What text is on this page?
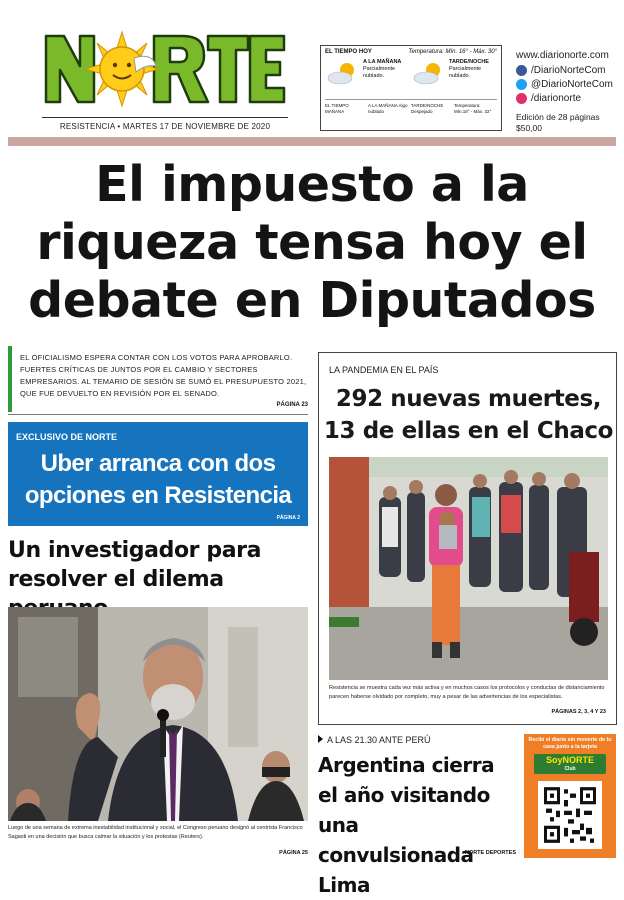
RESISTENCIA • MARTES 17 DE NOVIEMBRE DE 2020
EL TIEMPO HOY	Temperatura: Mín. 16° - Máx. 30°
A LA MAÑANA
Parcialmente nublado.
TARDE/NOCHE
Parcialmente nublado.
EL TIEMPO MAÑANA
A LA MAÑANA Algo nublado
TARDE/NOCHE Despejado
Temperatura: Mín.18° - Máx. 32°
www.diarionorte.com
/DiarioNorteCom
@DiarioNorteCom
/diarionorte
Edición de 28 páginas
$50,00
El impuesto a la
riqueza tensa hoy el
debate en Diputados
EL OFICIALISMO ESPERA CONTAR CON LOS VOTOS PARA APROBARLO. FUERTES CRÍTICAS DE JUNTOS POR EL CAMBIO Y SECTORES EMPRESARIOS. AL TEMARIO DE SESIÓN SE SUMÓ EL PRESUPUESTO 2021, QUE FUE DEVUELTO EN REVISIÓN POR EL SENADO.
PÁGINA 23
EXCLUSIVO DE NORTE
Uber arranca con dos opciones en Resistencia
PÁGINA 2
Un investigador para resolver el dilema
Luego de una semana de extrema inestabilidad institucional y social, el Congreso peruano designó al centrista Francisco Sagasti en una decisión que busca calmar la situación y los protestas (Reuters).
PÁGINA 25
LA PANDEMIA EN EL PAÍS
292 nuevas muertes, 13 de ellas en el Chaco
Resistencia se muestra cada vez más activa y en muchos casos los protocolos y conductas de distanciamiento parecen haberse olvidado por completo, muy a pesar de las advertencias de los especialistas.
PÁGINAS 2, 3, 4 Y 23
A LAS 21.30 ANTE PERÚ
Argentina cierra el año visitando una convulsionada Lima
NORTE DEPORTES
Recibí el diario sin moverte de tu casa junto a la tarjeta
SoyNORTE
Club
